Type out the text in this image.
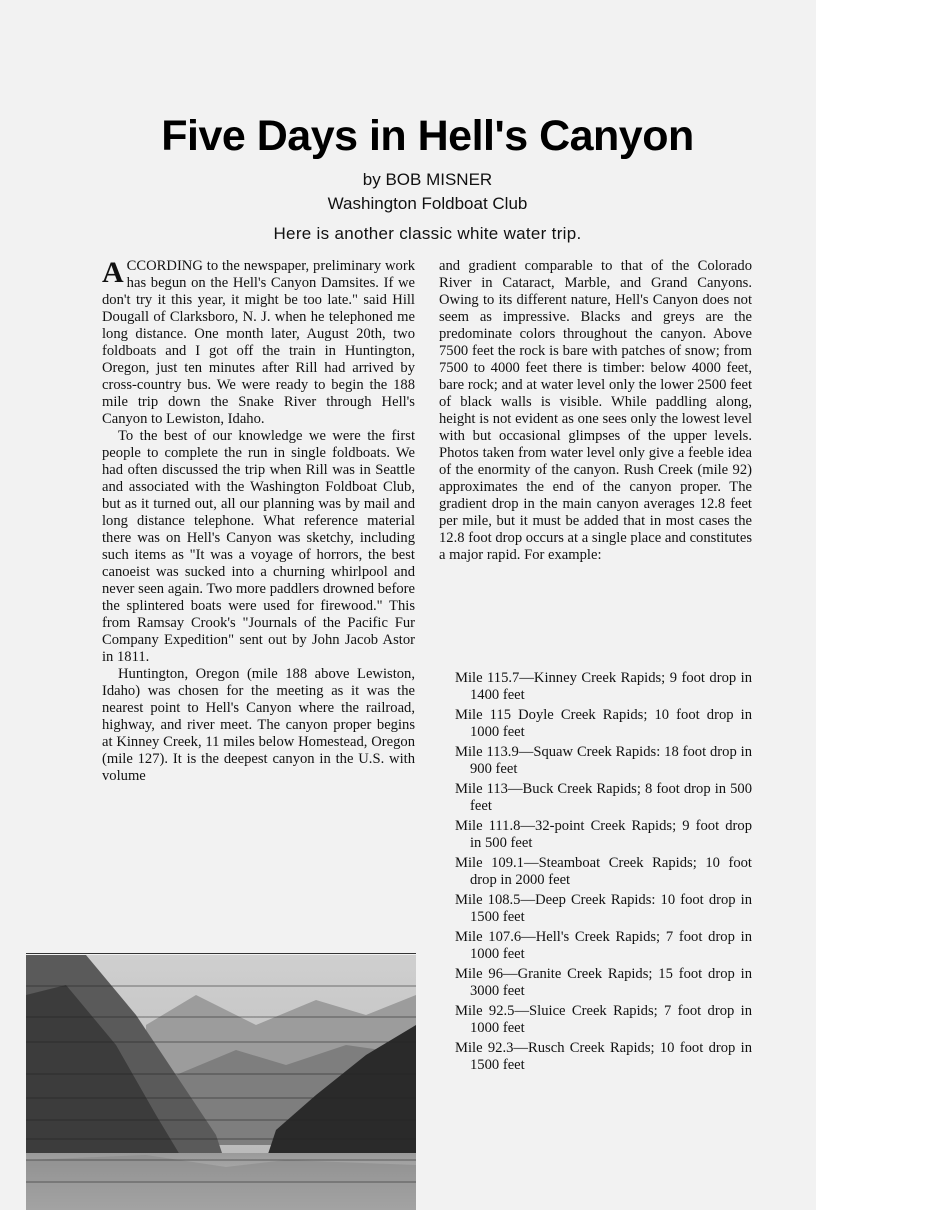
Five Days in Hell's Canyon

by BOB MISNER

Washington Foldboat Club

Here is another classic white water trip.

ACCORDING to the newspaper, preliminary work has begun on the Hell's Canyon Damsites. If we don't try it this year, it might be too late." said Hill Dougall of Clarksboro, N. J. when he telephoned me long distance. One month later, August 20th, two foldboats and I got off the train in Huntington, Oregon, just ten minutes after Rill had arrived by cross-country bus. We were ready to begin the 188 mile trip down the Snake River through Hell's Canyon to Lewiston, Idaho.

To the best of our knowledge we were the first people to complete the run in single foldboats. We had often discussed the trip when Rill was in Seattle and associated with the Washington Foldboat Club, but as it turned out, all our planning was by mail and long distance telephone. What reference material there was on Hell's Canyon was sketchy, including such items as "It was a voyage of horrors, the best canoeist was sucked into a churning whirlpool and never seen again. Two more paddlers drowned before the splintered boats were used for firewood." This from Ramsay Crook's "Journals of the Pacific Fur Company Expedition" sent out by John Jacob Astor in 1811.

Huntington, Oregon (mile 188 above Lewiston, Idaho) was chosen for the meeting as it was the nearest point to Hell's Canyon where the railroad, highway, and river meet. The canyon proper begins at Kinney Creek, 11 miles below Homestead, Oregon (mile 127). It is the deepest canyon in the U.S. with volume

and gradient comparable to that of the Colorado River in Cataract, Marble, and Grand Canyons. Owing to its different nature, Hell's Canyon does not seem as impressive. Blacks and greys are the predominate colors throughout the canyon. Above 7500 feet the rock is bare with patches of snow; from 7500 to 4000 feet there is timber: below 4000 feet, bare rock; and at water level only the lower 2500 feet of black walls is visible. While paddling along, height is not evident as one sees only the lowest level with but occasional glimpses of the upper levels. Photos taken from water level only give a feeble idea of the enormity of the canyon. Rush Creek (mile 92) approximates the end of the canyon proper. The gradient drop in the main canyon averages 12.8 feet per mile, but it must be added that in most cases the 12.8 foot drop occurs at a single place and constitutes a major rapid. For example:

Mile 115.7—Kinney Creek Rapids; 9 foot drop in 1400 feet
Mile 115 Doyle Creek Rapids; 10 foot drop in 1000 feet
Mile 113.9—Squaw Creek Rapids: 18 foot drop in 900 feet
Mile 113—Buck Creek Rapids; 8 foot drop in 500 feet
Mile 111.8—32-point Creek Rapids; 9 foot drop in 500 feet
Mile 109.1—Steamboat Creek Rapids; 10 foot drop in 2000 feet
Mile 108.5—Deep Creek Rapids: 10 foot drop in 1500 feet
Mile 107.6—Hell's Creek Rapids; 7 foot drop in 1000 feet
Mile 96—Granite Creek Rapids; 15 foot drop in 3000 feet
Mile 92.5—Sluice Creek Rapids; 7 foot drop in 1000 feet
Mile 92.3—Rusch Creek Rapids; 10 foot drop in 1500 feet
